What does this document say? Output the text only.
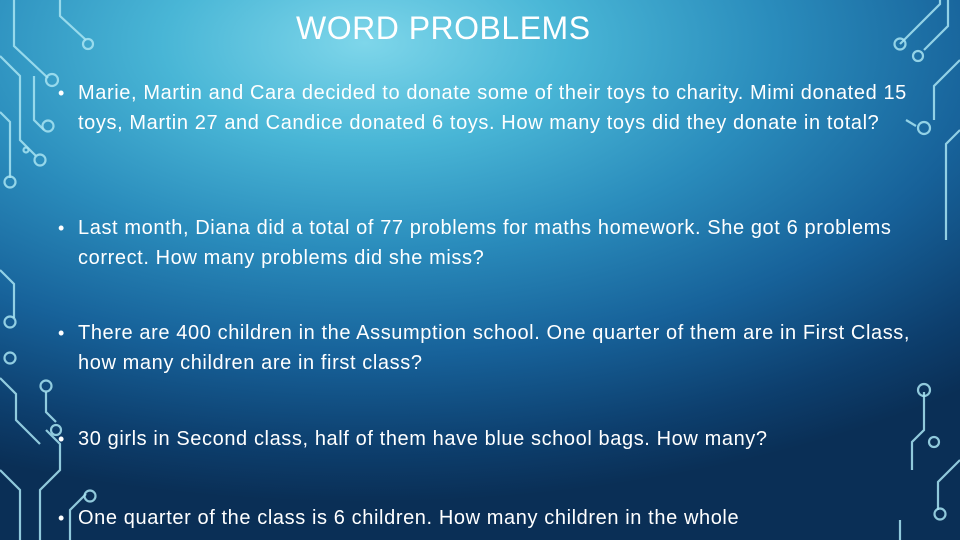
WORD PROBLEMS
• Marie, Martin and Cara decided to donate some of their toys to charity. Mimi donated 15 toys, Martin 27 and Candice donated 6 toys. How many toys did they donate in total?
• Last month, Diana did a total of 77 problems for maths homework. She got 6 problems correct. How many problems did she miss?
• There are 400 children in the Assumption school. One quarter of them are in First Class, how many children are in first class?
• 30 girls in Second class, half of them have blue school bags. How many?
• One quarter of the class is 6 children. How many children in the whole
